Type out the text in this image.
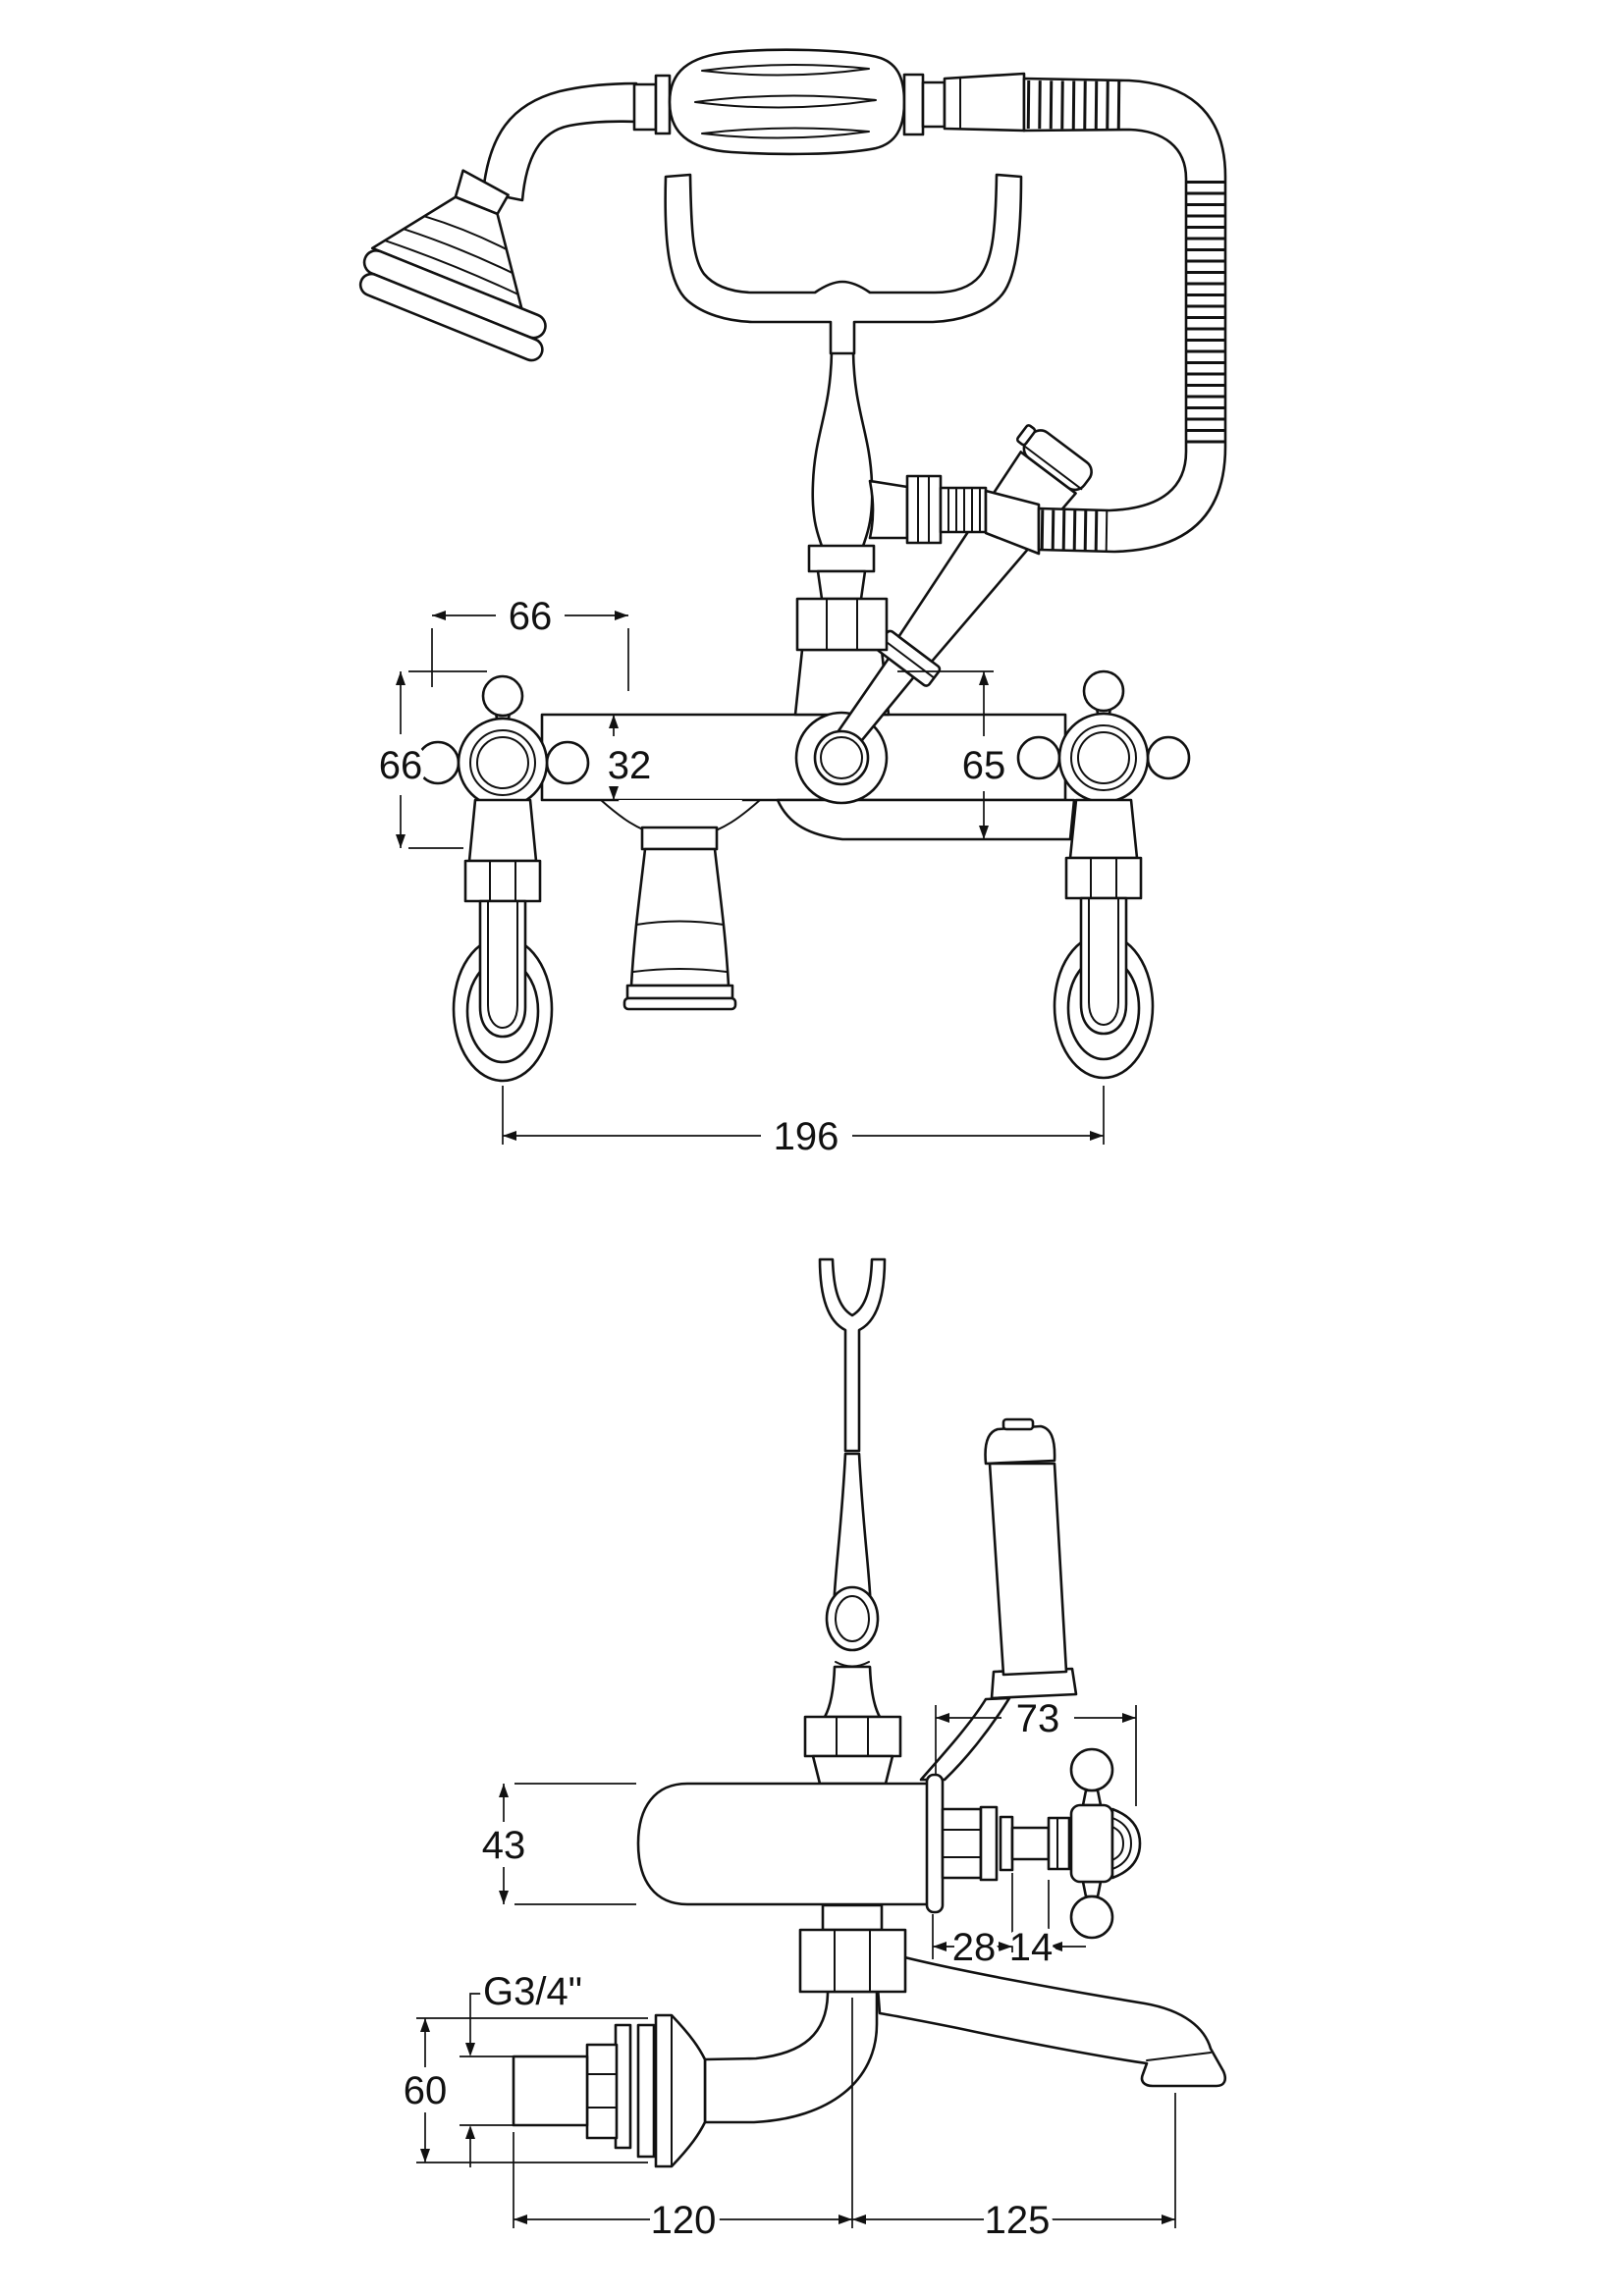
66
66	32	65
196
73
43
28 14
G3/4"
60
120	125
